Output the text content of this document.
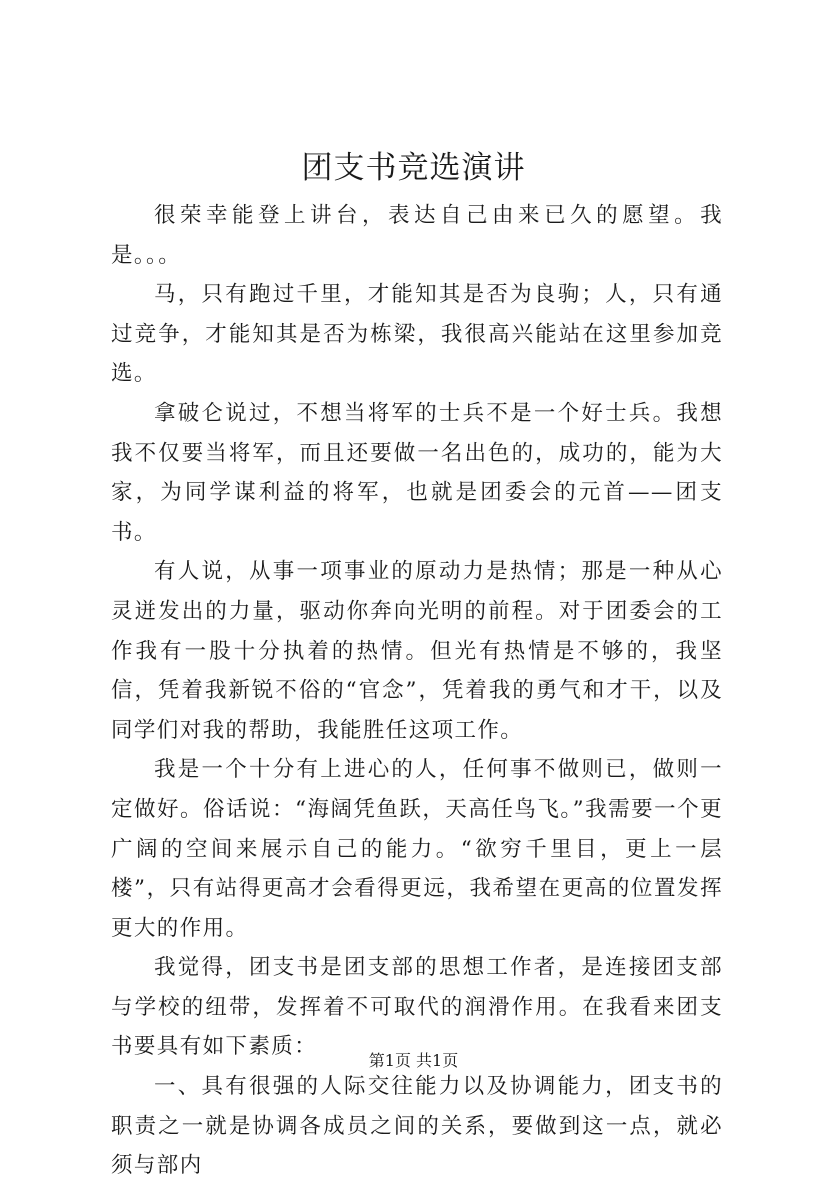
团支书竞选演讲

很荣幸能登上讲台，表达自己由来已久的愿望。我是。。。

马，只有跑过千里，才能知其是否为良驹；人，只有通过竞争，才能知其是否为栋梁，我很高兴能站在这里参加竞选。

拿破仑说过，不想当将军的士兵不是一个好士兵。我想我不仅要当将军，而且还要做一名出色的，成功的，能为大家，为同学谋利益的将军，也就是团委会的元首——团支书。

有人说，从事一项事业的原动力是热情；那是一种从心灵迸发出的力量，驱动你奔向光明的前程。对于团委会的工作我有一股十分执着的热情。但光有热情是不够的，我坚信，凭着我新锐不俗的“官念”，凭着我的勇气和才干，以及同学们对我的帮助，我能胜任这项工作。

我是一个十分有上进心的人，任何事不做则已，做则一定做好。俗话说：“海阔凭鱼跃，天高任鸟飞。”我需要一个更广阔的空间来展示自己的能力。“欲穷千里目，更上一层楼”，只有站得更高才会看得更远，我希望在更高的位置发挥更大的作用。

我觉得，团支书是团支部的思想工作者，是连接团支部与学校的纽带，发挥着不可取代的润滑作用。在我看来团支书要具有如下素质：

一、具有很强的人际交往能力以及协调能力，团支书的职责之一就是协调各成员之间的关系，要做到这一点，就必须与部内

第1页 共1页
